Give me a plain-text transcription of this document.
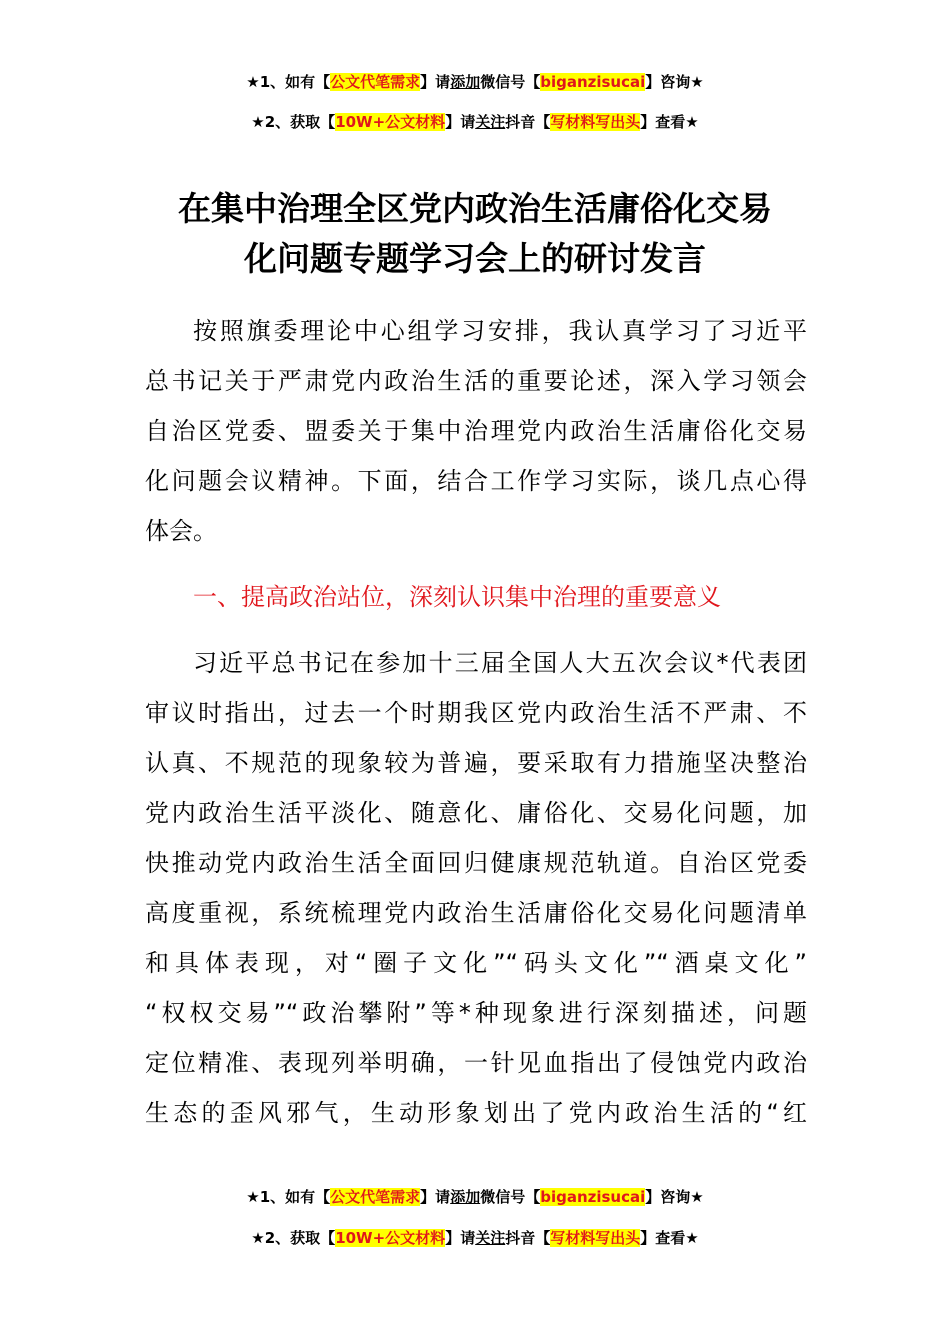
★1、如有【公文代笔需求】请添加微信号【biganzisucai】咨询★
★2、获取【10W+公文材料】请关注抖音【写材料写出头】查看★
在集中治理全区党内政治生活庸俗化交易
化问题专题学习会上的研讨发言
按照旗委理论中心组学习安排，我认真学习了习近平
总书记关于严肃党内政治生活的重要论述，深入学习领会
自治区党委、盟委关于集中治理党内政治生活庸俗化交易
化问题会议精神。下面，结合工作学习实际，谈几点心得
体会。
一、提高政治站位，深刻认识集中治理的重要意义
习近平总书记在参加十三届全国人大五次会议*代表团
审议时指出，过去一个时期我区党内政治生活不严肃、不
认真、不规范的现象较为普遍，要采取有力措施坚决整治
党内政治生活平淡化、随意化、庸俗化、交易化问题，加
快推动党内政治生活全面回归健康规范轨道。自治区党委
高度重视，系统梳理党内政治生活庸俗化交易化问题清单
和具体表现，对“圈子文化”“码头文化”“酒桌文化”
“权权交易”“政治攀附”等*种现象进行深刻描述，问题
定位精准、表现列举明确，一针见血指出了侵蚀党内政治
生态的歪风邪气，生动形象划出了党内政治生活的“红
★1、如有【公文代笔需求】请添加微信号【biganzisucai】咨询★
★2、获取【10W+公文材料】请关注抖音【写材料写出头】查看★
